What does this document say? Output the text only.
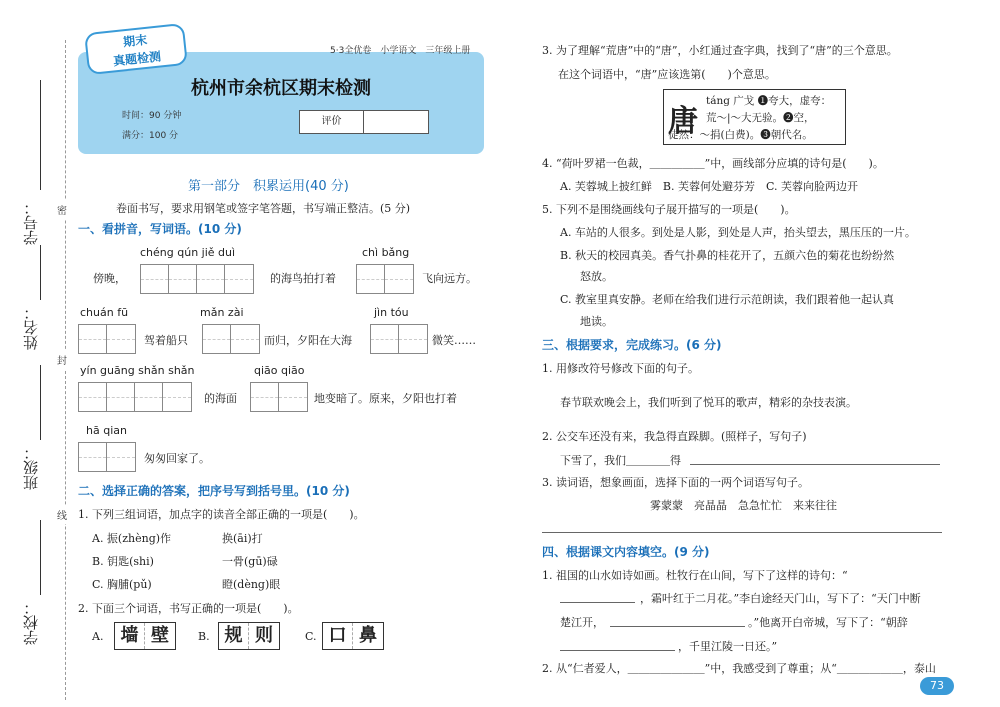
学号：
姓名：
班级：
学校：
密
封
线
杭州市余杭区期末检测
时间：90 分钟
满分：100 分
期末
真题检测	5·3全优卷　小学语文　三年级上册
评价
第一部分　积累运用(40 分)
卷面书写，要求用钢笔或签字笔答题，书写端正整洁。(5 分)
一、看拼音，写词语。(10 分)
chéng qún jiě duì	chì bǎng
傍晚，	的海鸟拍打着	飞向远方。
chuán fū	mǎn zài	jìn tóu
驾着船只	而归，夕阳在大海	微笑……
yín guāng shǎn shǎn	qiāo qiāo
的海面	地变暗了。原来，夕阳也打着
hā qian
匆匆回家了。
二、选择正确的答案，把序号写到括号里。(10 分)
1. 下列三组词语，加点字的读音全部正确的一项是(　　)。
A. 振(zhèng)作	换(āi)打
B. 钥匙(shi)	一骨(gū)碌
C. 胸脯(pǔ)	瞪(dèng)眼
2. 下面三个词语，书写正确的一项是(　　)。
A. 墙 壁	B. 规 则	C. 口 鼻
3. 为了理解“荒唐”中的“唐”，小红通过查字典，找到了“唐”的三个意思。
在这个词语中，“唐”应该选第(　　)个意思。
唐
táng 广戈 ❶夸大，虚夸：
荒～|～大无验。❷空，
徒然：～捐(白费)。❸朝代名。
4. “荷叶罗裙一色裁，＿＿＿＿＿”中，画线部分应填的诗句是(　　)。
A. 芙蓉城上披红鲜　B. 芙蓉何处避芬芳　C. 芙蓉向脸两边开
5. 下列不是围绕画线句子展开描写的一项是(　　)。
A. 车站的人很多。到处是人影，到处是人声，抬头望去，黑压压的一片。
B. 秋天的校园真美。香气扑鼻的桂花开了，五颜六色的菊花也纷纷然
怒放。
C. 教室里真安静。老师在给我们进行示范朗读，我们跟着他一起认真
地读。
三、根据要求，完成练习。(6 分)
1. 用修改符号修改下面的句子。
春节联欢晚会上，我们听到了悦耳的歌声，精彩的杂技表演。
2. 公交车还没有来，我急得直跺脚。(照样子，写句子)
下雪了，我们＿＿＿＿得
3. 读词语，想象画面，选择下面的一两个词语写句子。
雾蒙蒙　亮晶晶　急急忙忙　来来往往
四、根据课文内容填空。(9 分)
1. 祖国的山水如诗如画。杜牧行在山间，写下了这样的诗句：“
，霜叶红于二月花。”李白途经天门山，写下了：“天门中断
楚江开，	。”他离开白帝城，写下了：“朝辞
，千里江陵一日还。”
2. 从“仁者爱人，＿＿＿＿＿＿＿”中，我感受到了尊重；从“＿＿＿＿＿＿，泰山
73
